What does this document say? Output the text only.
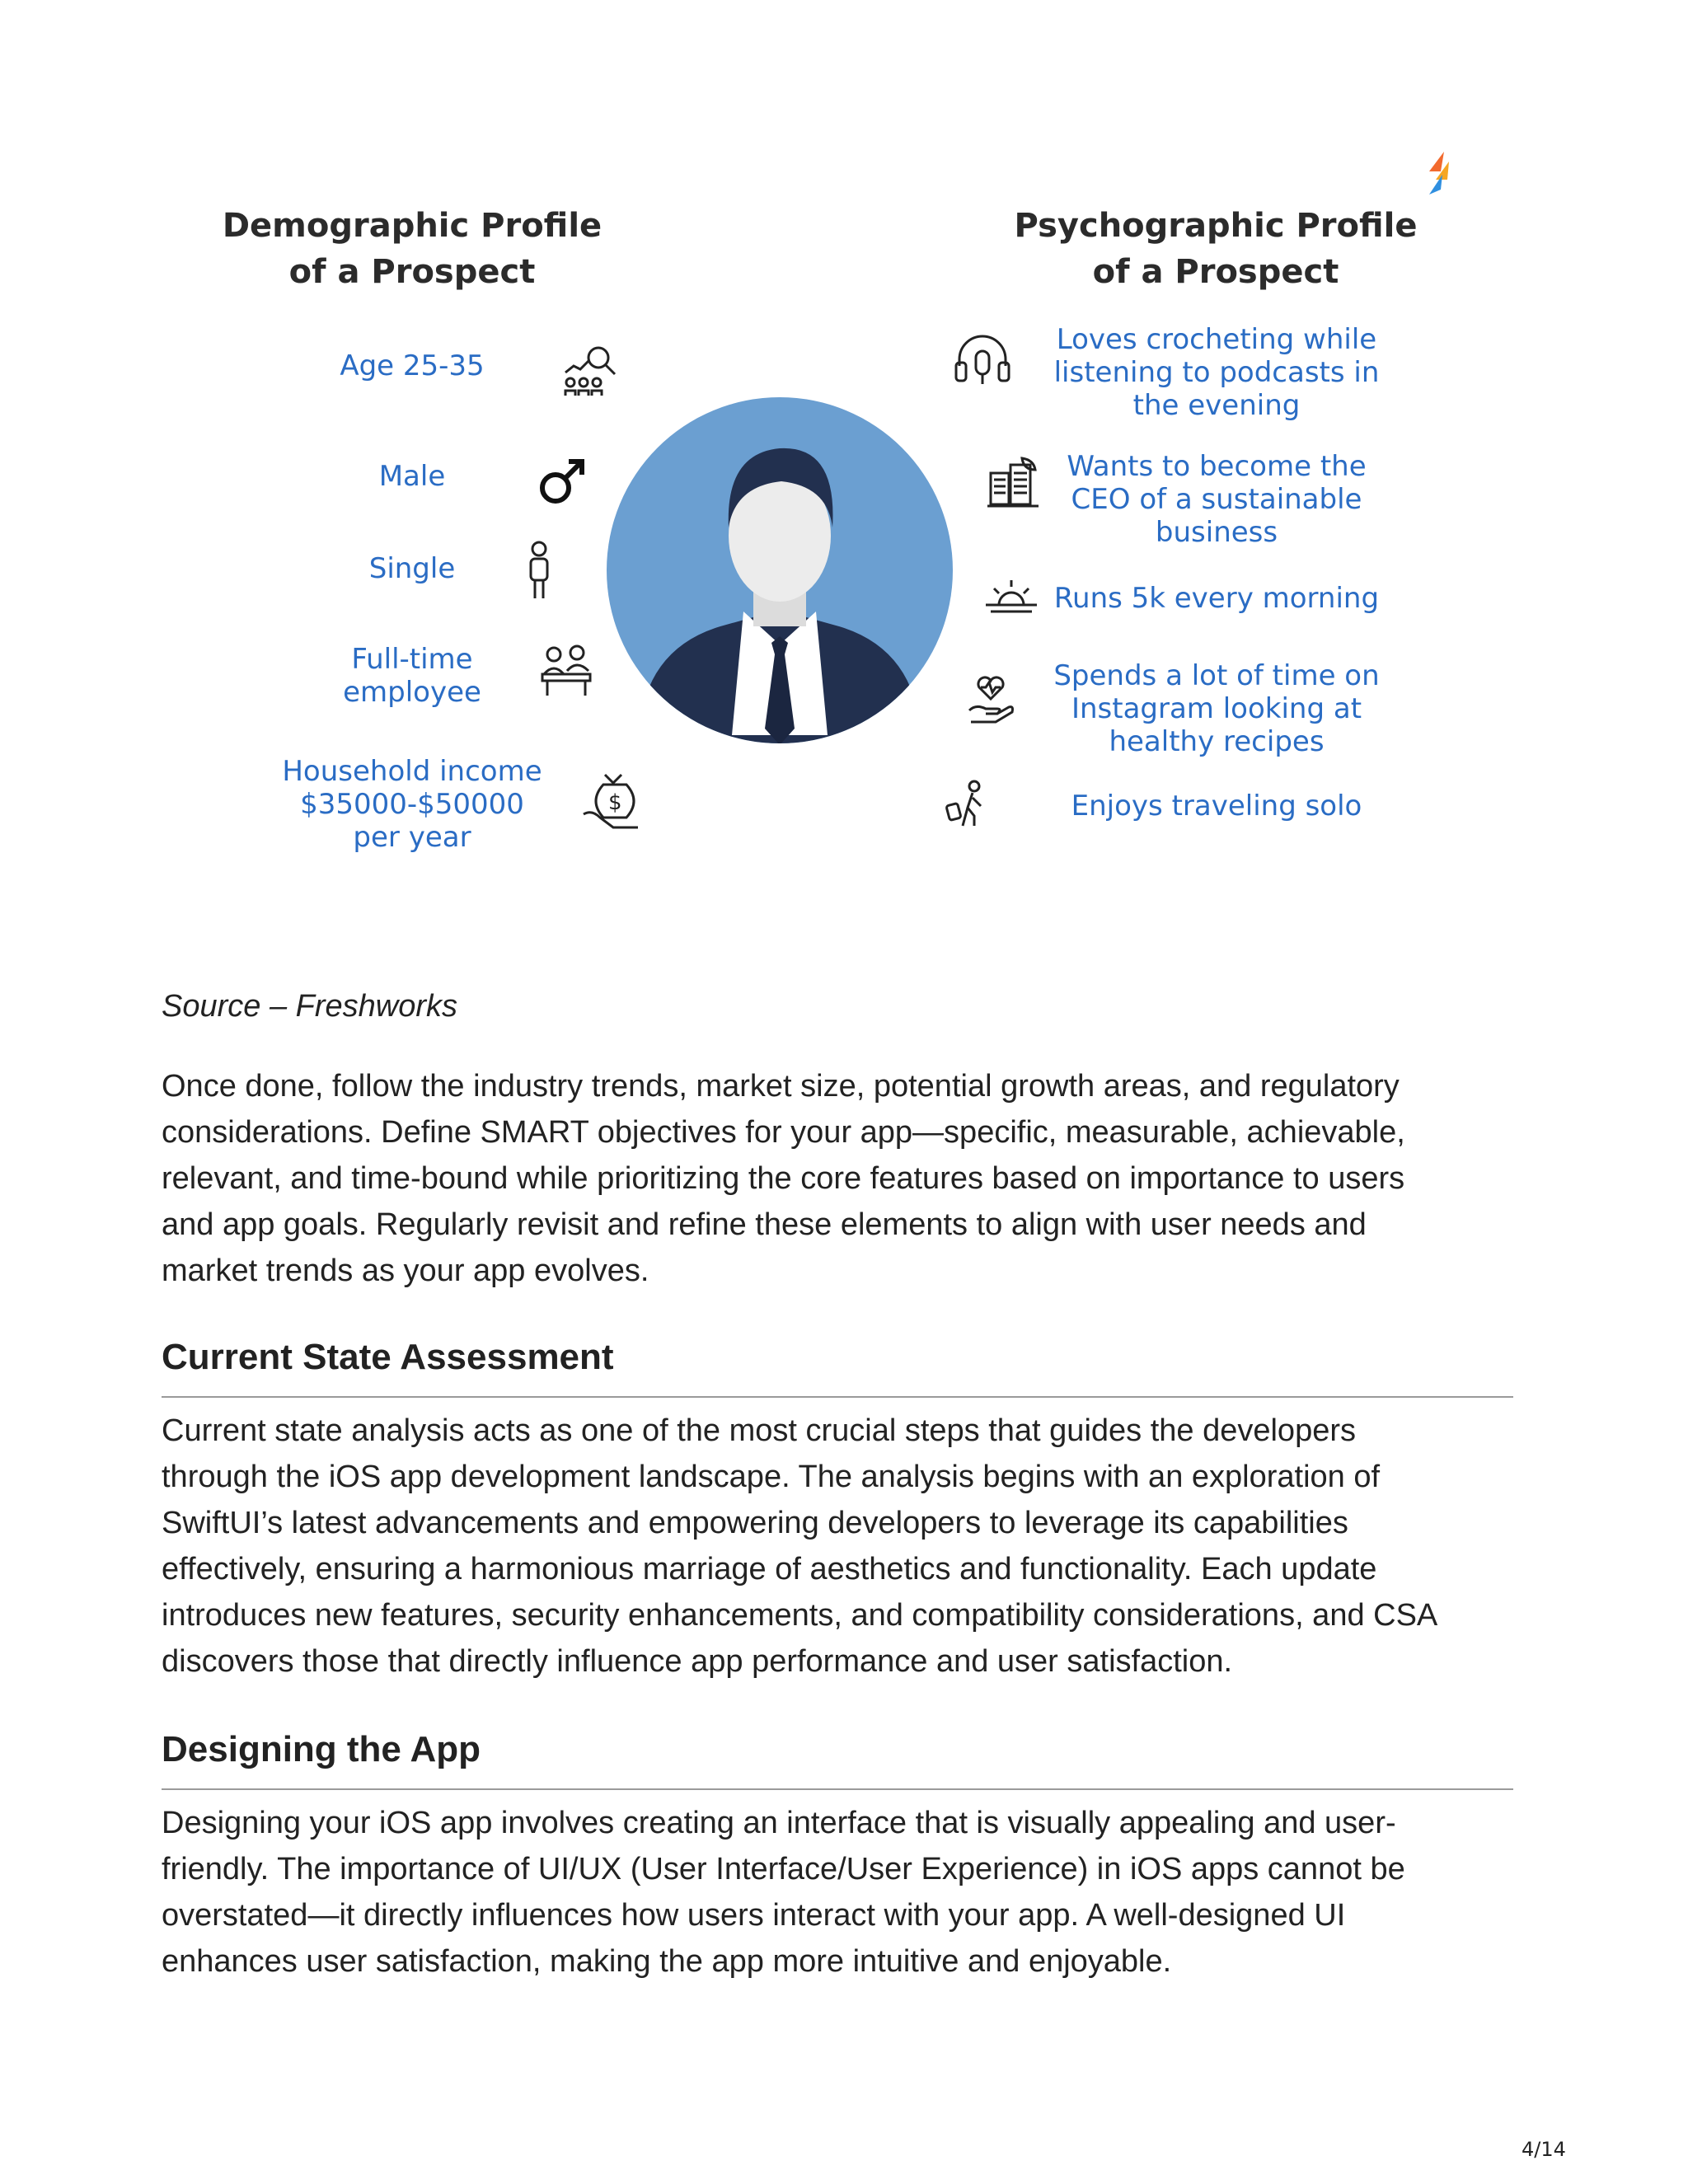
Demographic Profile
of a Prospect
Psychographic Profile
of a Prospect
Age 25-35
Male
Single
Full-time
employee
Household income
$35000-$50000
per year
$
Loves crocheting while
listening to podcasts in
the evening
Wants to become the
CEO of a sustainable
business
Runs 5k every morning
Spends a lot of time on
Instagram looking at
healthy recipes
Enjoys traveling solo
Source – Freshworks

Once done, follow the industry trends, market size, potential growth areas, and regulatory
considerations. Define SMART objectives for your app—specific, measurable, achievable,
relevant, and time-bound while prioritizing the core features based on importance to users
and app goals. Regularly revisit and refine these elements to align with user needs and
market trends as your app evolves.

Current State Assessment

Current state analysis acts as one of the most crucial steps that guides the developers
through the iOS app development landscape. The analysis begins with an exploration of
SwiftUI’s latest advancements and empowering developers to leverage its capabilities
effectively, ensuring a harmonious marriage of aesthetics and functionality. Each update
introduces new features, security enhancements, and compatibility considerations, and CSA
discovers those that directly influence app performance and user satisfaction.

Designing the App

Designing your iOS app involves creating an interface that is visually appealing and user-
friendly. The importance of UI/UX (User Interface/User Experience) in iOS apps cannot be
overstated—it directly influences how users interact with your app. A well-designed UI
enhances user satisfaction, making the app more intuitive and enjoyable.

4/14
